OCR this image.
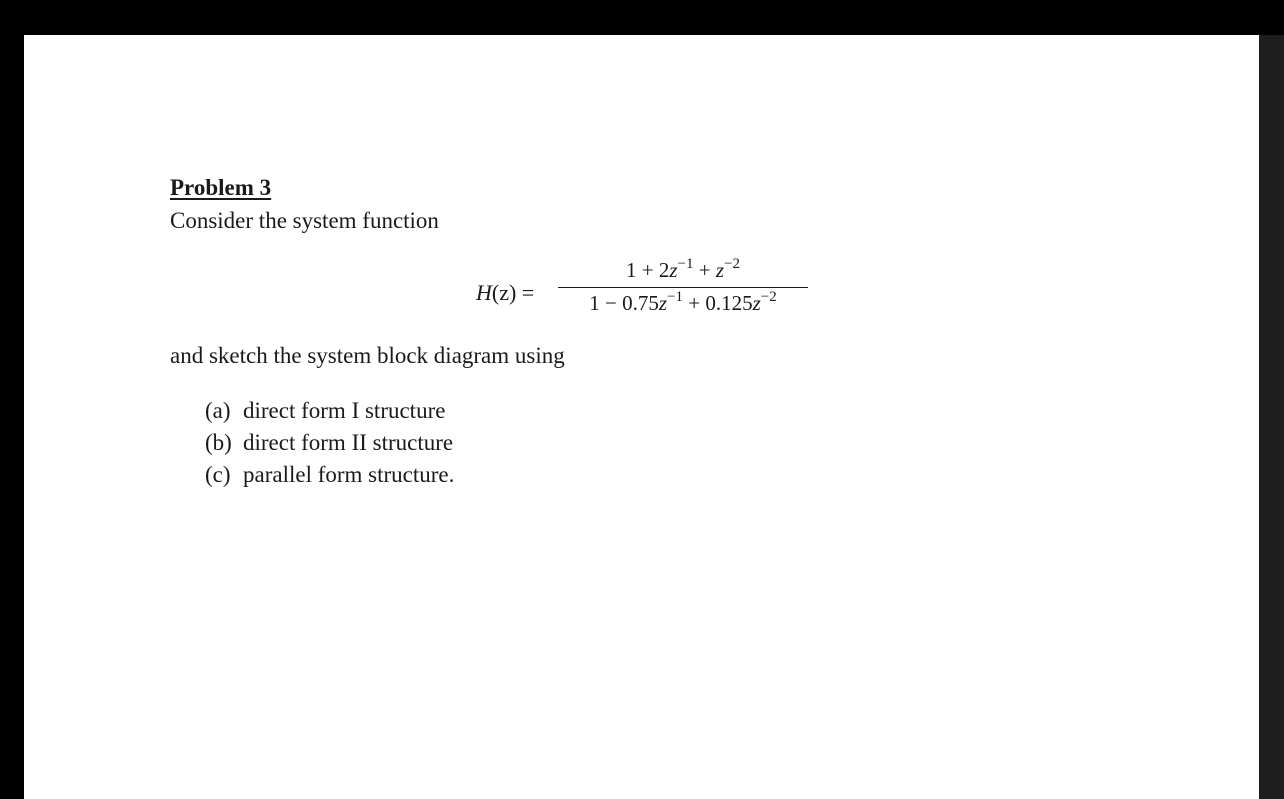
Problem 3
Consider the system function
H(z) =
$1 + 2z^{-1} + z^{-2}$
$1 - 0.75z^{-1} + 0.125z^{-2}$
and sketch the system block diagram using
(a) direct form I structure
(b) direct form II structure
(c) parallel form structure.
